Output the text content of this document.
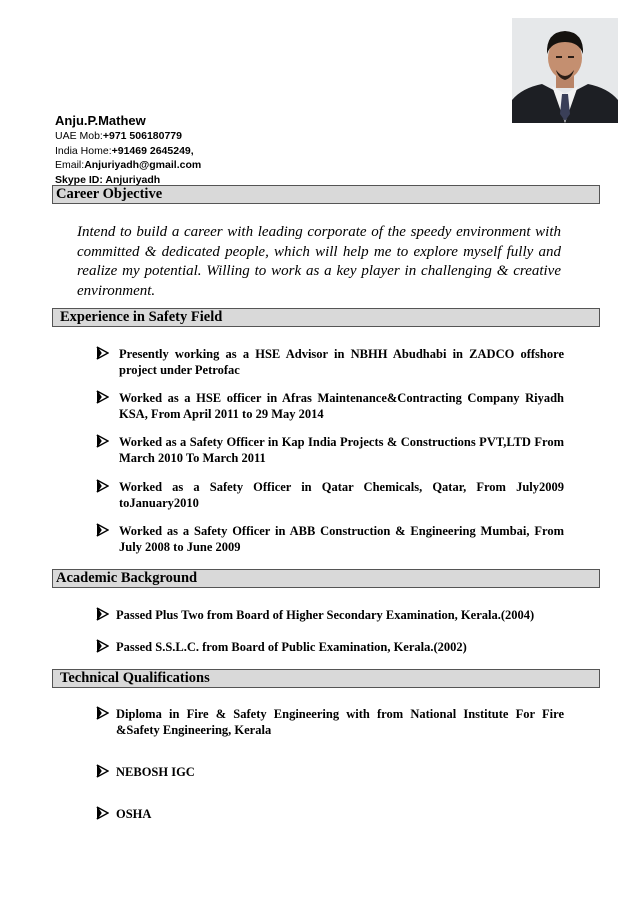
Anju.P.Mathew
UAE Mob:+971 506180779
India Home:+91469 2645249,
Email:Anjuriyadh@gmail.com
Skype ID: Anjuriyadh
Career Objective
Intend to build a career with leading corporate of the speedy environment with committed & dedicated people, which will help me to explore myself fully and realize my potential. Willing to work as a key player in challenging & creative environment.
Experience in Safety Field
Presently working as a HSE Advisor in NBHH Abudhabi in ZADCO offshore project under Petrofac
Worked as a HSE officer in Afras Maintenance&Contracting Company Riyadh KSA, From April 2011 to 29 May 2014
Worked as a Safety Officer in Kap India Projects & Constructions PVT,LTD From March 2010 To March 2011
Worked as a Safety Officer in Qatar Chemicals, Qatar, From July2009 toJanuary2010
Worked as a Safety Officer in ABB Construction & Engineering Mumbai, From July 2008 to June 2009
Academic Background
Passed Plus Two from Board of Higher Secondary Examination, Kerala.(2004)
Passed S.S.L.C. from Board of Public Examination, Kerala.(2002)
Technical Qualifications
Diploma in Fire & Safety Engineering with from National Institute For Fire &Safety Engineering, Kerala
NEBOSH IGC
OSHA
